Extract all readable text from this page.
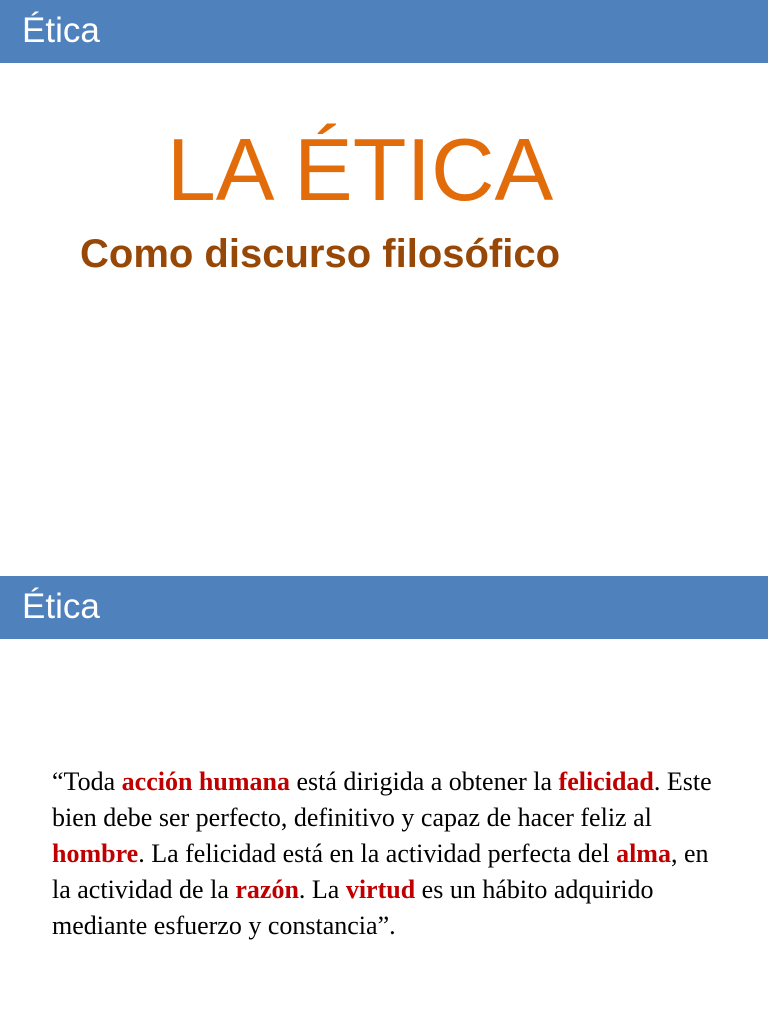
Ética
LA ÉTICA
Como discurso filosófico
Ética

“Toda acción humana está dirigida a obtener la felicidad. Este bien debe ser perfecto, definitivo y capaz de hacer feliz al hombre. La felicidad está en la actividad perfecta del alma, en la actividad de la razón. La virtud es un hábito adquirido mediante esfuerzo y constancia”.
